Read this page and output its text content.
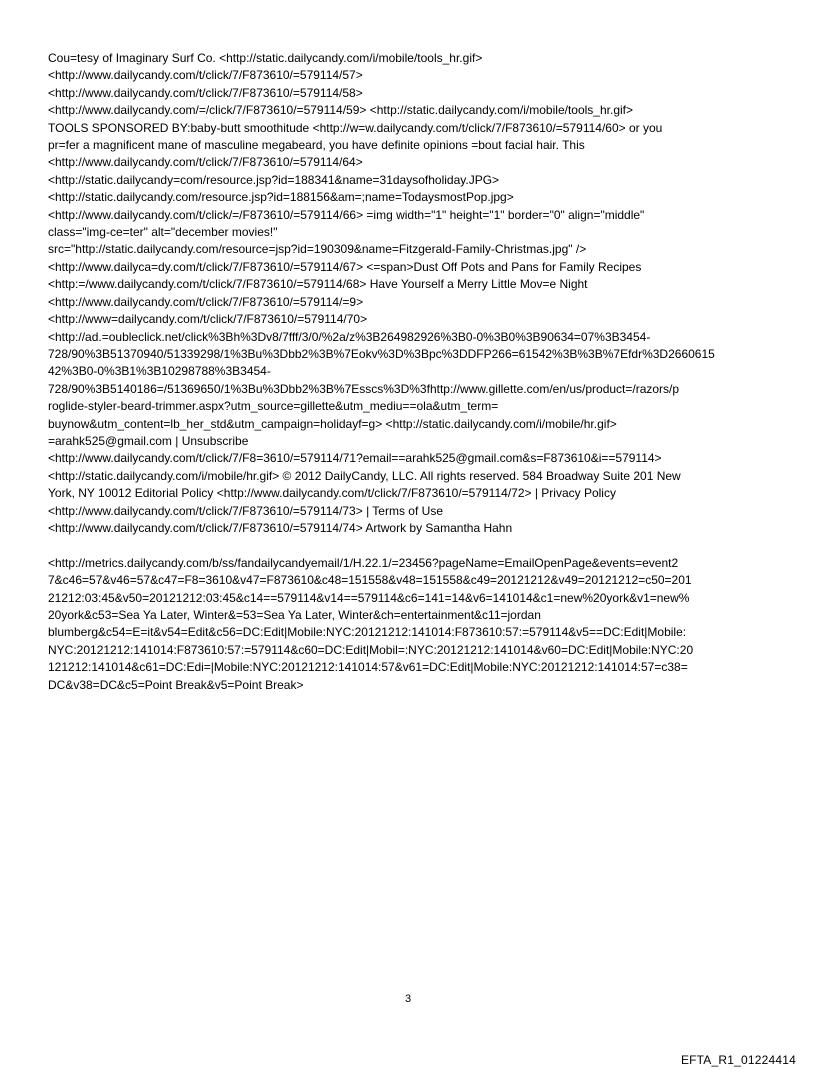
Cou=tesy of Imaginary Surf Co. <http://static.dailycandy.com/i/mobile/tools_hr.gif>
<http://www.dailycandy.com/t/click/7/F873610/=579114/57>
<http://www.dailycandy.com/t/click/7/F873610/=579114/58>
<http://www.dailycandy.com/=/click/7/F873610/=579114/59> <http://static.dailycandy.com/i/mobile/tools_hr.gif>
TOOLS SPONSORED BY:baby-butt smoothitude <http://w=w.dailycandy.com/t/click/7/F873610/=579114/60> or you
pr=fer a magnificent mane of masculine megabeard, you have definite opinions =bout facial hair. This
<http://www.dailycandy.com/t/click/7/F873610/=579114/64>
<http://static.dailycandy=com/resource.jsp?id=188341&name=31daysofholiday.JPG>
<http://static.dailycandy.com/resource.jsp?id=188156&am=;name=TodaysmostPop.jpg>
<http://www.dailycandy.com/t/click/=/F873610/=579114/66> =img width="1" height="1" border="0" align="middle"
class="img-ce=ter" alt="december movies!"
src="http://static.dailycandy.com/resource=jsp?id=190309&name=Fitzgerald-Family-Christmas.jpg" />
<http://www.dailyca=dy.com/t/click/7/F873610/=579114/67> <=span>Dust Off Pots and Pans for Family Recipes
<http:=/www.dailycandy.com/t/click/7/F873610/=579114/68> Have Yourself a Merry Little Mov=e Night
<http://www.dailycandy.com/t/click/7/F873610/=579114/=9>
<http://www=dailycandy.com/t/click/7/F873610/=579114/70>
<http://ad.=oubleclick.net/click%3Bh%3Dv8/7fff/3/0/%2a/z%3B264982926%3B0-0%3B0%3B90634=07%3B3454-
728/90%3B51370940/51339298/1%3Bu%3Dbb2%3B%7Eokv%3D%3Bpc%3DDFP266=61542%3B%3B%7Efdr%3D2660615
42%3B0-0%3B1%3B10298788%3B3454-
728/90%3B5140186=/51369650/1%3Bu%3Dbb2%3B%7Esscs%3D%3fhttp://www.gillette.com/en/us/product=/razors/p
roglide-styler-beard-trimmer.aspx?utm_source=gillette&utm_mediu==ola&utm_term=
buynow&utm_content=lb_her_std&utm_campaign=holidayf=g> <http://static.dailycandy.com/i/mobile/hr.gif>
=arahk525@gmail.com | Unsubscribe
<http://www.dailycandy.com/t/click/7/F8=3610/=579114/71?email==arahk525@gmail.com&s=F873610&i==579114>
<http://static.dailycandy.com/i/mobile/hr.gif> © 2012 DailyCandy, LLC. All rights reserved. 584 Broadway Suite 201 New
York, NY 10012 Editorial Policy <http://www.dailycandy.com/t/click/7/F873610/=579114/72> | Privacy Policy
<http://www.dailycandy.com/t/click/7/F873610/=579114/73> | Terms of Use
<http://www.dailycandy.com/t/click/7/F873610/=579114/74> Artwork by Samantha Hahn
<http://metrics.dailycandy.com/b/ss/fandailycandyemail/1/H.22.1/=23456?pageName=EmailOpenPage&events=event2
7&c46=57&v46=57&c47=F8=3610&v47=F873610&c48=151558&v48=151558&c49=20121212&v49=20121212=c50=201
21212:03:45&v50=20121212:03:45&c14==579114&v14==579114&c6=141=14&v6=141014&c1=new%20york&v1=new%
20york&c53=Sea Ya Later, Winter&=53=Sea Ya Later, Winter&ch=entertainment&c11=jordan
blumberg&c54=E=it&v54=Edit&c56=DC:Edit|Mobile:NYC:20121212:141014:F873610:57:=579114&v5==DC:Edit|Mobile:
NYC:20121212:141014:F873610:57:=579114&c60=DC:Edit|Mobil=:NYC:20121212:141014&v60=DC:Edit|Mobile:NYC:20
121212:141014&c61=DC:Edi=|Mobile:NYC:20121212:141014:57&v61=DC:Edit|Mobile:NYC:20121212:141014:57=c38=
DC&v38=DC&c5=Point Break&v5=Point Break>
3
EFTA_R1_01224414
